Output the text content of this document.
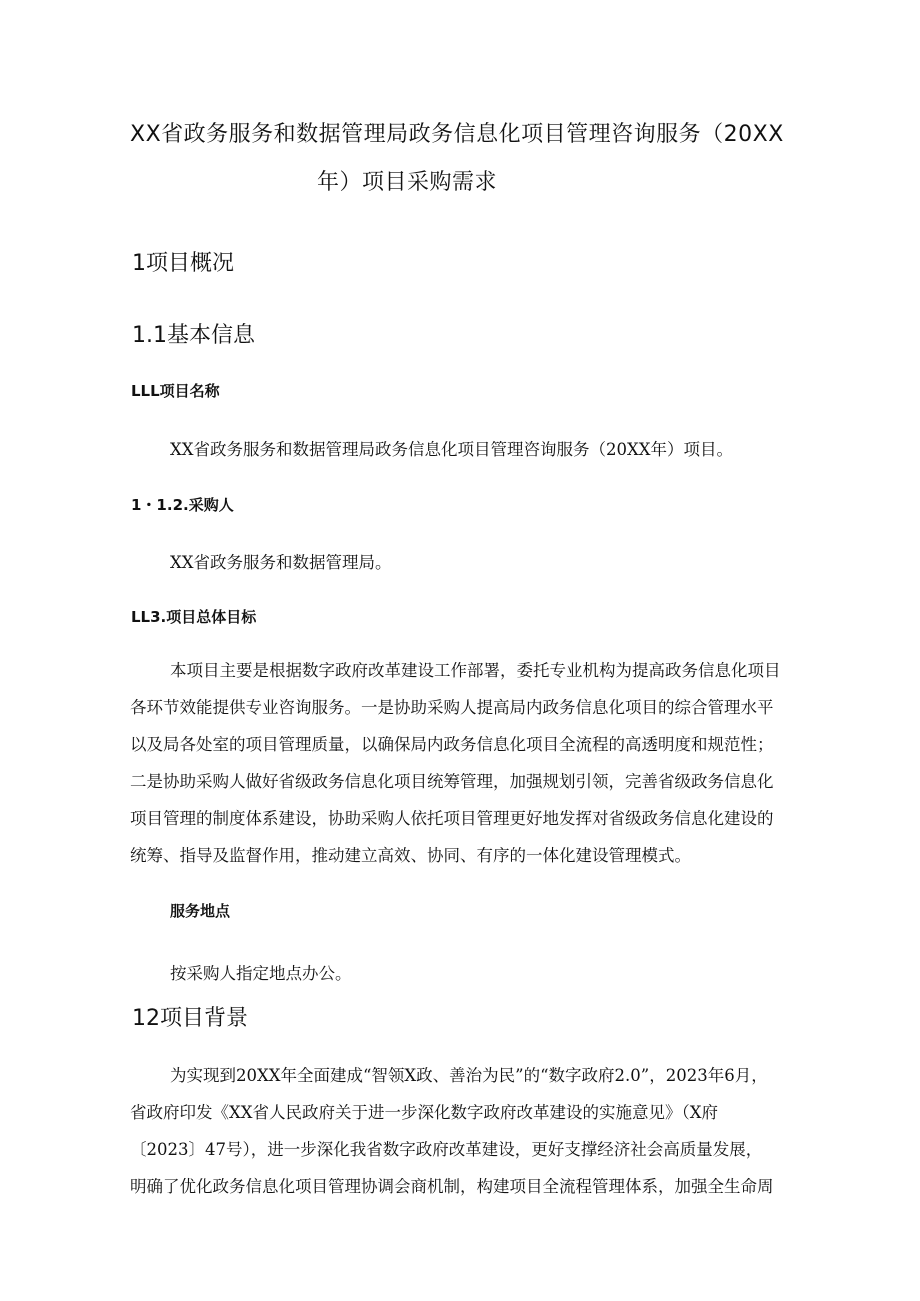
XX省政务服务和数据管理局政务信息化项目管理咨询服务（20XX
年）项目采购需求
1项目概况
1.1基本信息
LLL项目名称
XX省政务服务和数据管理局政务信息化项目管理咨询服务（20XX年）项目。
1・1.2.采购人
XX省政务服务和数据管理局。
LL3.项目总体目标
本项目主要是根据数字政府改革建设工作部署，委托专业机构为提高政务信息化项目
各环节效能提供专业咨询服务。一是协助采购人提高局内政务信息化项目的综合管理水平
以及局各处室的项目管理质量，以确保局内政务信息化项目全流程的高透明度和规范性；
二是协助采购人做好省级政务信息化项目统筹管理，加强规划引领，完善省级政务信息化
项目管理的制度体系建设，协助采购人依托项目管理更好地发挥对省级政务信息化建设的
统筹、指导及监督作用，推动建立高效、协同、有序的一体化建设管理模式。
服务地点
按采购人指定地点办公。
12项目背景
为实现到20XX年全面建成“智领X政、善治为民”的“数字政府2.0”，2023年6月，
省政府印发《XX省人民政府关于进一步深化数字政府改革建设的实施意见》（X府
〔2023〕47号），进一步深化我省数字政府改革建设，更好支撑经济社会高质量发展，
明确了优化政务信息化项目管理协调会商机制，构建项目全流程管理体系，加强全生命周
